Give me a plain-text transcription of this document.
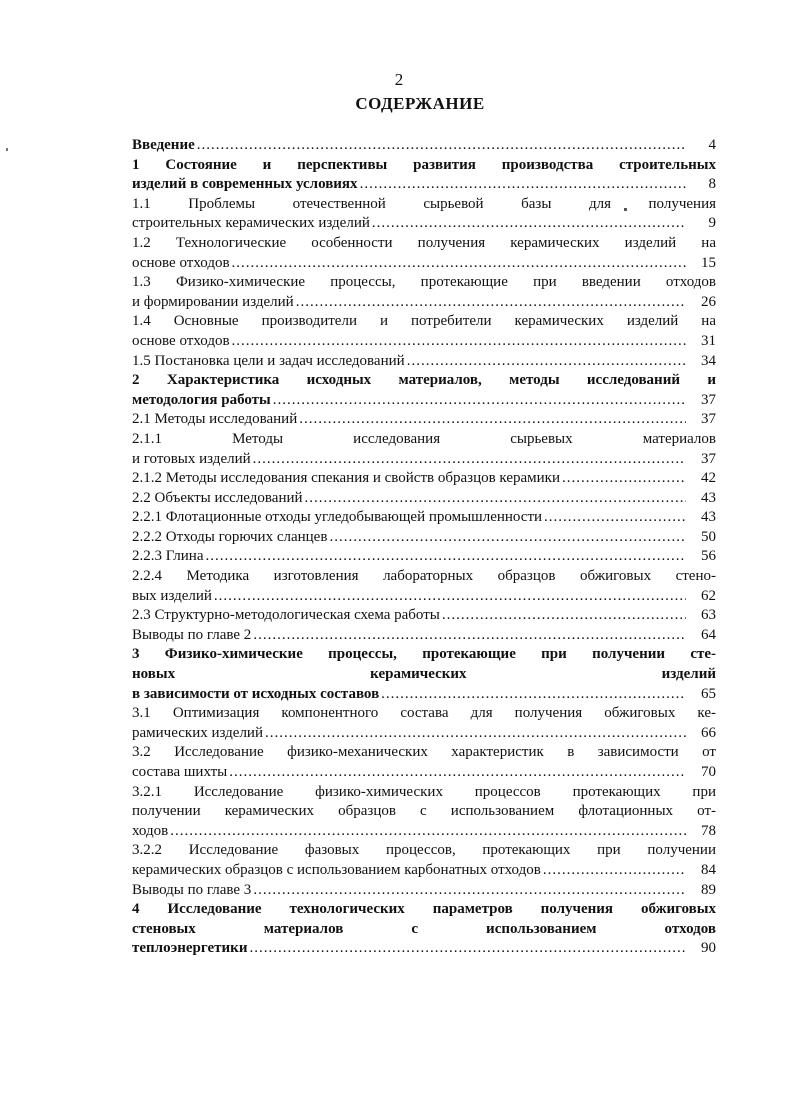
2
СОДЕРЖАНИЕ
Введение .....	4
1 Состояние и перспективы развития производства строительных
изделий в современных условиях .....	8
1.1 Проблемы отечественной сырьевой базы для получения
строительных керамических изделий .....	9
1.2 Технологические особенности получения керамических изделий на
основе отходов .....	15
1.3 Физико-химические процессы, протекающие при введении отходов
и формировании изделий .....	26
1.4 Основные производители и потребители керамических изделий на
основе отходов .....	31
1.5 Постановка цели и задач исследований .....	34
2 Характеристика исходных материалов, методы исследований и
методология работы .....	37
2.1 Методы исследований .....	37
2.1.1 Методы исследования сырьевых материалов
и готовых изделий .....	37
2.1.2 Методы исследования спекания и свойств образцов керамики .....	42
2.2 Объекты исследований .....	43
2.2.1 Флотационные отходы угледобывающей промышленности .....	43
2.2.2 Отходы горючих сланцев .....	50
2.2.3 Глина .....	56
2.2.4 Методика изготовления лабораторных образцов обжиговых стено-
вых изделий .....	62
2.3 Структурно-методологическая схема работы .....	63
Выводы по главе 2 .....	64
3 Физико-химические процессы, протекающие при получении сте-
новых керамических изделий
в зависимости от исходных составов .....	65
3.1 Оптимизация компонентного состава для получения обжиговых ке-
рамических изделий .....	66
3.2 Исследование физико-механических характеристик в зависимости от
состава шихты .....	70
3.2.1 Исследование физико-химических процессов протекающих при
получении керамических образцов с использованием флотационных от-
ходов .....	78
3.2.2 Исследование фазовых процессов, протекающих при получении
керамических образцов с использованием карбонатных отходов .....	84
Выводы по главе 3 .....	89
4 Исследование технологических параметров получения обжиговых
стеновых материалов с использованием отходов
теплоэнергетики .....	90
